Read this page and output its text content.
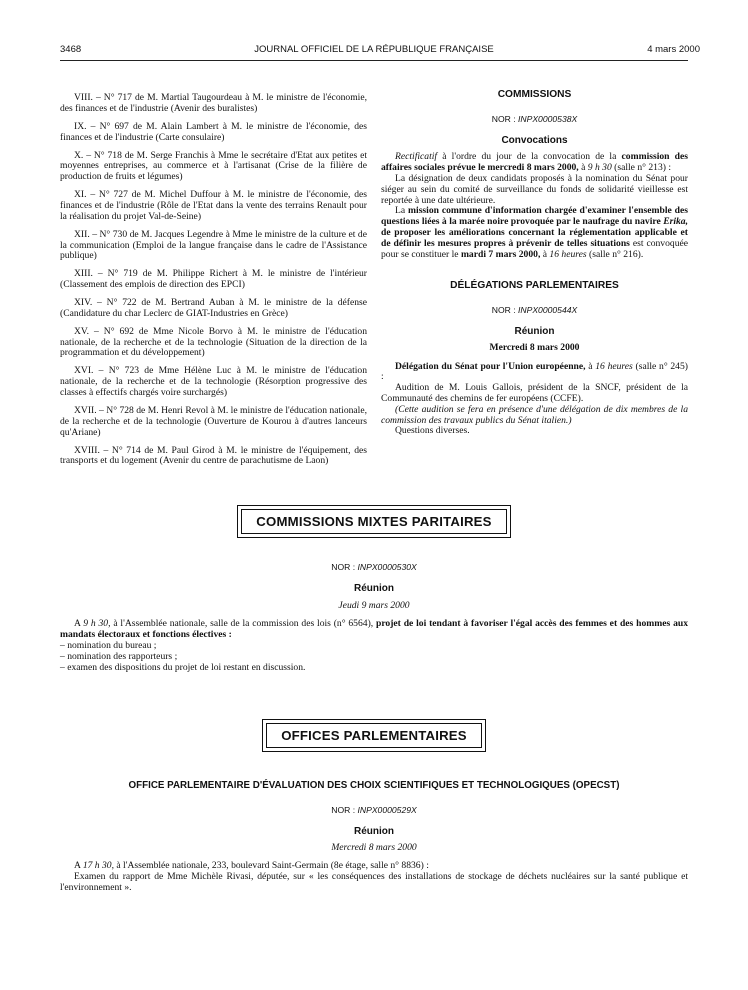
3468	JOURNAL OFFICIEL DE LA RÉPUBLIQUE FRANÇAISE	4 mars 2000

VIII. – N° 717 de M. Martial Taugourdeau à M. le ministre de l'économie, des finances et de l'industrie (Avenir des buralistes)

IX. – N° 697 de M. Alain Lambert à M. le ministre de l'économie, des finances et de l'industrie (Carte consulaire)

X. – N° 718 de M. Serge Franchis à Mme le secrétaire d'Etat aux petites et moyennes entreprises, au commerce et à l'artisanat (Crise de la filière de production de fruits et légumes)

XI. – N° 727 de M. Michel Duffour à M. le ministre de l'économie, des finances et de l'industrie (Rôle de l'Etat dans la vente des terrains Renault pour la réalisation du projet Val-de-Seine)

XII. – N° 730 de M. Jacques Legendre à Mme le ministre de la culture et de la communication (Emploi de la langue française dans le cadre de l'Assistance publique)

XIII. – N° 719 de M. Philippe Richert à M. le ministre de l'intérieur (Classement des emplois de direction des EPCI)

XIV. – N° 722 de M. Bertrand Auban à M. le ministre de la défense (Candidature du char Leclerc de GIAT-Industries en Grèce)

XV. – N° 692 de Mme Nicole Borvo à M. le ministre de l'éducation nationale, de la recherche et de la technologie (Situation de la direction de la programmation et du développement)

XVI. – N° 723 de Mme Hélène Luc à M. le ministre de l'éducation nationale, de la recherche et de la technologie (Résorption progressive des classes à effectifs chargés voire surchargés)

XVII. – N° 728 de M. Henri Revol à M. le ministre de l'éducation nationale, de la recherche et de la technologie (Ouverture de Kourou à d'autres lanceurs qu'Ariane)

XVIII. – N° 714 de M. Paul Girod à M. le ministre de l'équipement, des transports et du logement (Avenir du centre de parachutisme de Laon)

COMMISSIONS
NOR : INPX0000538X
Convocations

Rectificatif à l'ordre du jour de la convocation de la commission des affaires sociales prévue le mercredi 8 mars 2000, à 9 h 30 (salle n° 213) :

La désignation de deux candidats proposés à la nomination du Sénat pour siéger au sein du comité de surveillance du fonds de solidarité vieillesse est reportée à une date ultérieure.

La mission commune d'information chargée d'examiner l'ensemble des questions liées à la marée noire provoquée par le naufrage du navire Erika, de proposer les améliorations concernant la réglementation applicable et de définir les mesures propres à prévenir de telles situations est convoquée pour se constituer le mardi 7 mars 2000, à 16 heures (salle n° 216).

DÉLÉGATIONS PARLEMENTAIRES
NOR : INPX0000544X
Réunion
Mercredi 8 mars 2000

Délégation du Sénat pour l'Union européenne, à 16 heures (salle n° 245) :

Audition de M. Louis Gallois, président de la SNCF, président de la Communauté des chemins de fer européens (CCFE).

(Cette audition se fera en présence d'une délégation de dix membres de la commission des travaux publics du Sénat italien.)

Questions diverses.

COMMISSIONS MIXTES PARITAIRES
NOR : INPX0000530X
Réunion
Jeudi 9 mars 2000

A 9 h 30, à l'Assemblée nationale, salle de la commission des lois (n° 6564), projet de loi tendant à favoriser l'égal accès des femmes et des hommes aux mandats électoraux et fonctions électives :

– nomination du bureau ;
– nomination des rapporteurs ;
– examen des dispositions du projet de loi restant en discussion.
OFFICES PARLEMENTAIRES
OFFICE PARLEMENTAIRE D'ÉVALUATION DES CHOIX SCIENTIFIQUES ET TECHNOLOGIQUES (OPECST)
NOR : INPX0000529X
Réunion
Mercredi 8 mars 2000

A 17 h 30, à l'Assemblée nationale, 233, boulevard Saint-Germain (8e étage, salle n° 8836) :

Examen du rapport de Mme Michèle Rivasi, députée, sur « les conséquences des installations de stockage de déchets nucléaires sur la santé publique et l'environnement ».
